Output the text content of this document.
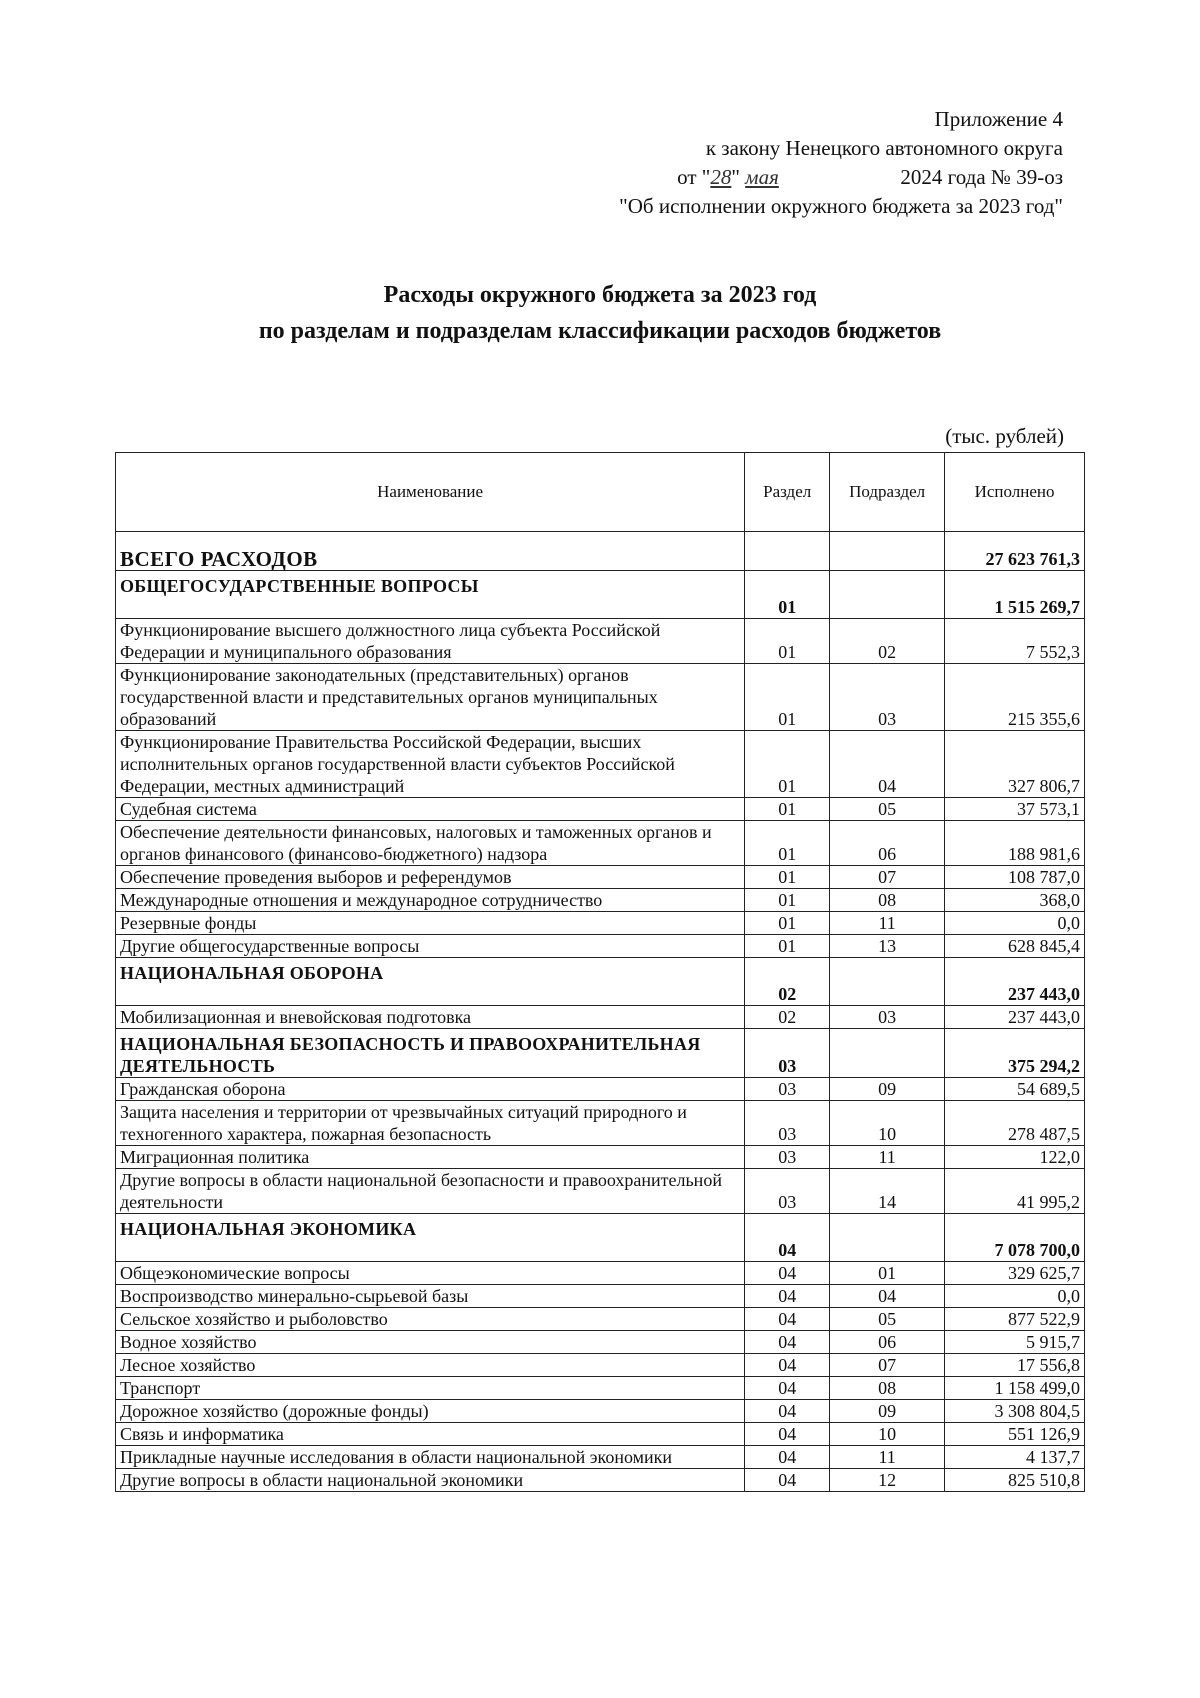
Приложение 4
к закону Ненецкого автономного округа
от "28" мая	2024 года № 39-оз
"Об исполнении окружного бюджета за 2023 год"
Расходы окружного бюджета за 2023 год
по разделам и подразделам классификации расходов бюджетов
(тыс. рублей)
Наименование	Раздел	Подраздел	Исполнено
ВСЕГО РАСХОДОВ			27 623 761,3
ОБЩЕГОСУДАРСТВЕННЫЕ ВОПРОСЫ	01		1 515 269,7
Функционирование высшего должностного лица субъекта Российской Федерации и муниципального образования	01	02	7 552,3
Функционирование законодательных (представительных) органов государственной власти и представительных органов муниципальных образований	01	03	215 355,6
Функционирование Правительства Российской Федерации, высших исполнительных органов государственной власти субъектов Российской Федерации, местных администраций	01	04	327 806,7
Судебная система	01	05	37 573,1
Обеспечение деятельности финансовых, налоговых и таможенных органов и органов финансового (финансово-бюджетного) надзора	01	06	188 981,6
Обеспечение проведения выборов и референдумов	01	07	108 787,0
Международные отношения и международное сотрудничество	01	08	368,0
Резервные фонды	01	11	0,0
Другие общегосударственные вопросы	01	13	628 845,4
НАЦИОНАЛЬНАЯ ОБОРОНА	02		237 443,0
Мобилизационная и вневойсковая подготовка	02	03	237 443,0
НАЦИОНАЛЬНАЯ БЕЗОПАСНОСТЬ И ПРАВООХРАНИТЕЛЬНАЯ ДЕЯТЕЛЬНОСТЬ	03		375 294,2
Гражданская оборона	03	09	54 689,5
Защита населения и территории от чрезвычайных ситуаций природного и техногенного характера, пожарная безопасность	03	10	278 487,5
Миграционная политика	03	11	122,0
Другие вопросы в области национальной безопасности и правоохранительной деятельности	03	14	41 995,2
НАЦИОНАЛЬНАЯ ЭКОНОМИКА	04		7 078 700,0
Общеэкономические вопросы	04	01	329 625,7
Воспроизводство минерально-сырьевой базы	04	04	0,0
Сельское хозяйство и рыболовство	04	05	877 522,9
Водное хозяйство	04	06	5 915,7
Лесное хозяйство	04	07	17 556,8
Транспорт	04	08	1 158 499,0
Дорожное хозяйство (дорожные фонды)	04	09	3 308 804,5
Связь и информатика	04	10	551 126,9
Прикладные научные исследования в области национальной экономики	04	11	4 137,7
Другие вопросы в области национальной экономики	04	12	825 510,8
